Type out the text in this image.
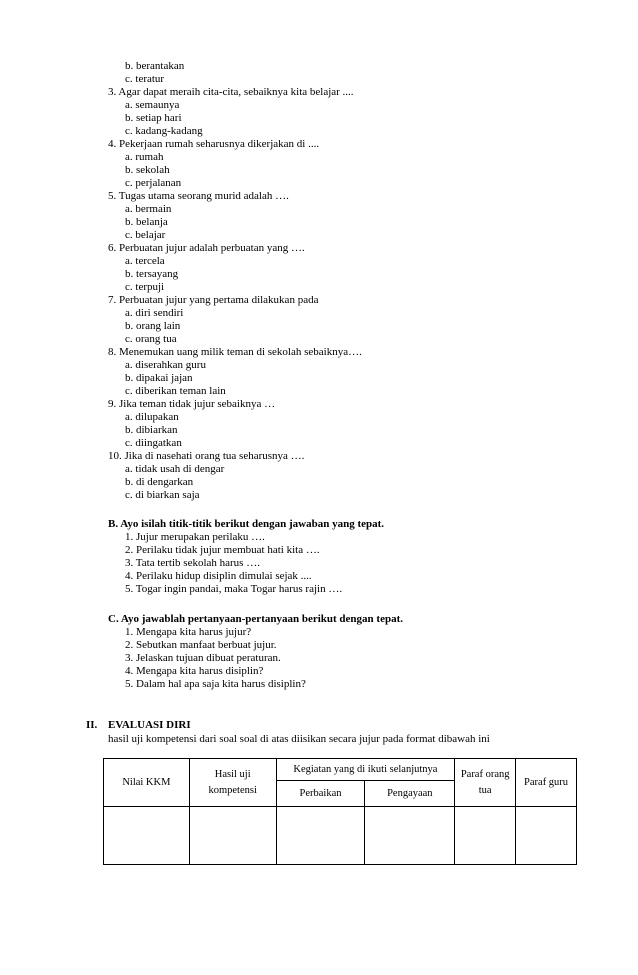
b. berantakan
c. teratur
3. Agar dapat meraih cita-cita, sebaiknya kita belajar ....
a. semaunya
b. setiap hari
c. kadang-kadang
4. Pekerjaan rumah seharusnya dikerjakan di ....
a. rumah
b. sekolah
c. perjalanan
5. Tugas utama seorang murid adalah ….
a. bermain
b. belanja
c. belajar
6. Perbuatan jujur adalah perbuatan yang ….
a. tercela
b. tersayang
c. terpuji
7. Perbuatan jujur yang pertama dilakukan pada
a. diri sendiri
b. orang lain
c. orang tua
8. Menemukan uang milik teman di sekolah sebaiknya….
a. diserahkan guru
b. dipakai jajan
c. diberikan teman lain
9. Jika teman tidak jujur sebaiknya …
a. dilupakan
b. dibiarkan
c. diingatkan
10. Jika di nasehati orang tua seharusnya ….
a. tidak usah di dengar
b. di dengarkan
c. di biarkan saja
B. Ayo isilah titik-titik berikut dengan jawaban yang tepat.
1. Jujur merupakan perilaku ….
2. Perilaku tidak jujur membuat hati kita ….
3. Tata tertib sekolah harus ….
4. Perilaku hidup disiplin dimulai sejak ....
5. Togar ingin pandai, maka Togar harus rajin ….
C. Ayo jawablah pertanyaan-pertanyaan berikut dengan tepat.
1. Mengapa kita harus jujur?
2. Sebutkan manfaat berbuat jujur.
3. Jelaskan tujuan dibuat peraturan.
4. Mengapa kita harus disiplin?
5. Dalam hal apa saja kita harus disiplin?
II. EVALUASI DIRI
hasil uji kompetensi dari soal soal di atas diisikan secara jujur pada format dibawah ini
Nilai KKM	Hasil uji kompetensi	Kegiatan yang di ikuti selanjutnya		Paraf orang tua	Paraf guru
		Perbaikan	Pengayaan		
